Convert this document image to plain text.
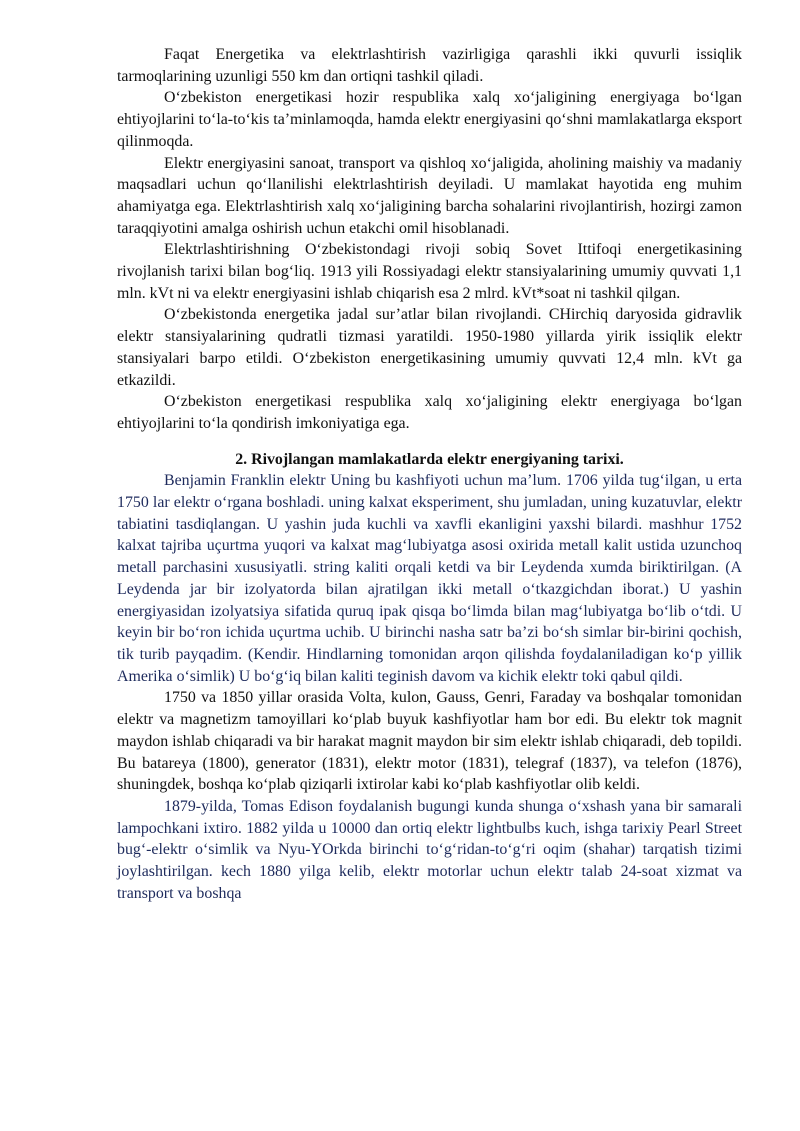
Faqat Energetika va elektrlashtirish vazirligiga qarashli ikki quvurli issiqlik tarmoqlarining uzunligi 550 km dan ortiqni tashkil qiladi.

O‘zbekiston energetikasi hozir respublika xalq xo‘jaligining energiyaga bo‘lgan ehtiyojlarini to‘la-to‘kis ta’minlamoqda, hamda elektr energiyasini qo‘shni mamlakatlarga eksport qilinmoqda.

Elektr energiyasini sanoat, transport va qishloq xo‘jaligida, aholining maishiy va madaniy maqsadlari uchun qo‘llanilishi elektrlashtirish deyiladi. U mamlakat hayotida eng muhim ahamiyatga ega. Elektrlashtirish xalq xo‘jaligining barcha sohalarini rivojlantirish, hozirgi zamon taraqqiyotini amalga oshirish uchun etakchi omil hisoblanadi.

Elektrlashtirishning O‘zbekistondagi rivoji sobiq Sovet Ittifoqi energetikasining rivojlanish tarixi bilan bog‘liq. 1913 yili Rossiyadagi elektr stansiyalarining umumiy quvvati 1,1 mln. kVt ni va elektr energiyasini ishlab chiqarish esa 2 mlrd. kVt*soat ni tashkil qilgan.

O‘zbekistonda energetika jadal sur’atlar bilan rivojlandi. CHirchiq daryosida gidravlik elektr stansiyalarining qudratli tizmasi yaratildi. 1950-1980 yillarda yirik issiqlik elektr stansiyalari barpo etildi. O‘zbekiston energetikasining umumiy quvvati 12,4 mln. kVt ga etkazildi.

O‘zbekiston energetikasi respublika xalq xo‘jaligining elektr energiyaga bo‘lgan ehtiyojlarini to‘la qondirish imkoniyatiga ega.

2. Rivojlangan mamlakatlarda elektr energiyaning tarixi.

Benjamin Franklin elektr Uning bu kashfiyoti uchun ma’lum. 1706 yilda tug‘ilgan, u erta 1750 lar elektr o‘rgana boshladi. uning kalxat eksperiment, shu jumladan, uning kuzatuvlar, elektr tabiatini tasdiqlangan. U yashin juda kuchli va xavfli ekanligini yaxshi bilardi. mashhur 1752 kalxat tajriba uçurtma yuqori va kalxat mag‘lubiyatga asosi oxirida metall kalit ustida uzunchoq metall parchasini xususiyatli. string kaliti orqali ketdi va bir Leydenda xumda biriktirilgan. (A Leydenda jar bir izolyatorda bilan ajratilgan ikki metall o‘tkazgichdan iborat.) U yashin energiyasidan izolyatsiya sifatida quruq ipak qisqa bo‘limda bilan mag‘lubiyatga bo‘lib o‘tdi. U keyin bir bo‘ron ichida uçurtma uchib. U birinchi nasha satr ba’zi bo‘sh simlar bir-birini qochish, tik turib payqadim. (Kendir. Hindlarning tomonidan arqon qilishda foydalaniladigan ko‘p yillik Amerika o‘simlik) U bo‘g‘iq bilan kaliti teginish davom va kichik elektr toki qabul qildi.

1750 va 1850 yillar orasida Volta, kulon, Gauss, Genri, Faraday va boshqalar tomonidan elektr va magnetizm tamoyillari ko‘plab buyuk kashfiyotlar ham bor edi. Bu elektr tok magnit maydon ishlab chiqaradi va bir harakat magnit maydon bir sim elektr ishlab chiqaradi, deb topildi. Bu batareya (1800), generator (1831), elektr motor (1831), telegraf (1837), va telefon (1876), shuningdek, boshqa ko‘plab qiziqarli ixtirolar kabi ko‘plab kashfiyotlar olib keldi.

1879-yilda, Tomas Edison foydalanish bugungi kunda shunga o‘xshash yana bir samarali lampochkani ixtiro. 1882 yilda u 10000 dan ortiq elektr lightbulbs kuch, ishga tarixiy Pearl Street bug‘-elektr o‘simlik va Nyu-YOrkda birinchi to‘g‘ridan-to‘g‘ri oqim (shahar) tarqatish tizimi joylashtirilgan. kech 1880 yilga kelib, elektr motorlar uchun elektr talab 24-soat xizmat va transport va boshqa
